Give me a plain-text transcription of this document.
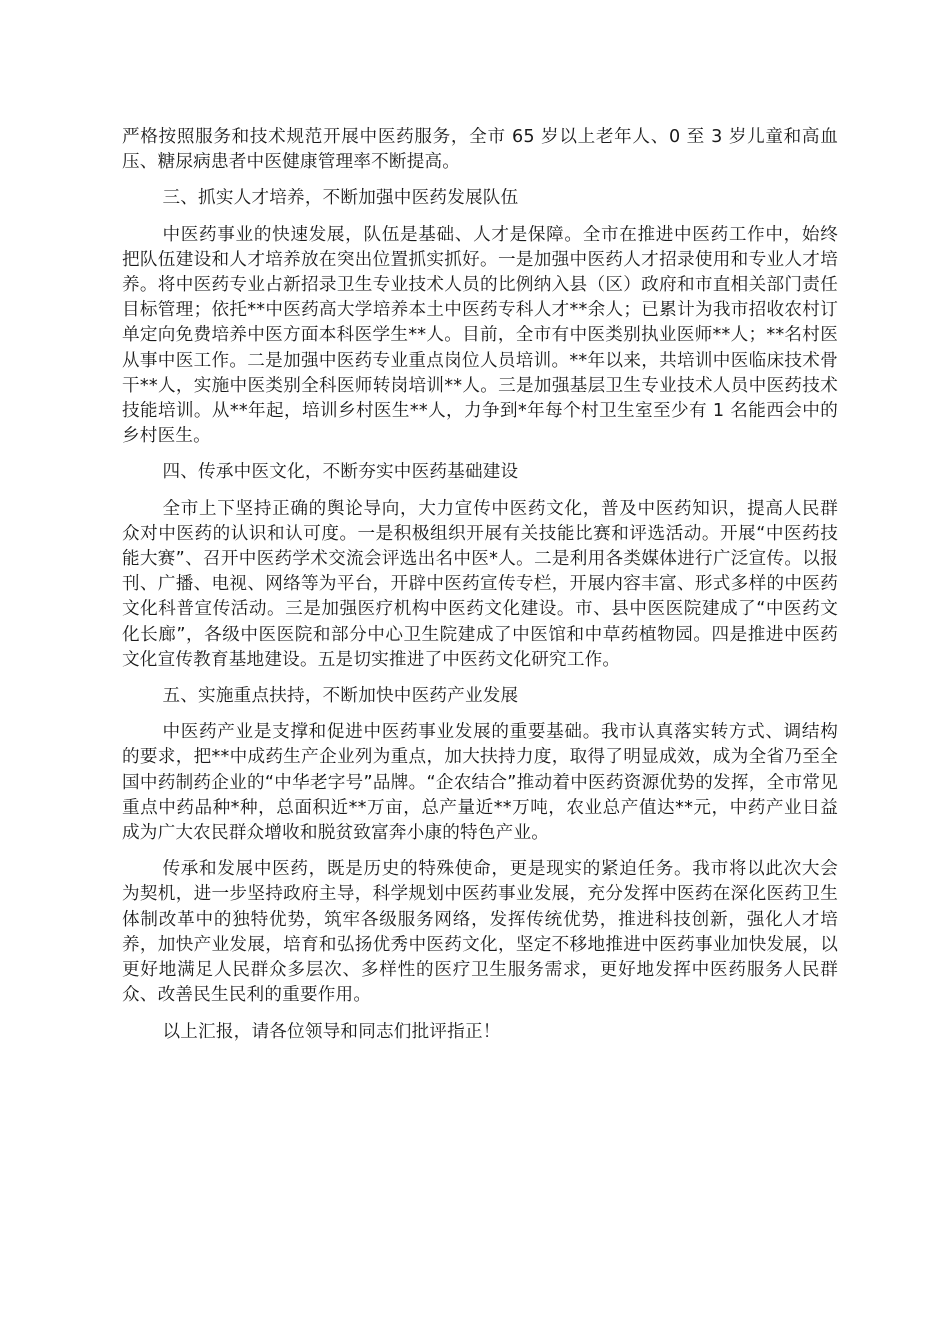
严格按照服务和技术规范开展中医药服务，全市 65 岁以上老年人、0 至 3 岁儿童和高血压、糖尿病患者中医健康管理率不断提高。

三、抓实人才培养，不断加强中医药发展队伍

中医药事业的快速发展，队伍是基础、人才是保障。全市在推进中医药工作中，始终把队伍建设和人才培养放在突出位置抓实抓好。一是加强中医药人才招录使用和专业人才培养。将中医药专业占新招录卫生专业技术人员的比例纳入县（区）政府和市直相关部门责任目标管理；依托**中医药高大学培养本土中医药专科人才**余人；已累计为我市招收农村订单定向免费培养中医方面本科医学生**人。目前，全市有中医类别执业医师**人；**名村医从事中医工作。二是加强中医药专业重点岗位人员培训。**年以来，共培训中医临床技术骨干**人，实施中医类别全科医师转岗培训**人。三是加强基层卫生专业技术人员中医药技术技能培训。从**年起，培训乡村医生**人，力争到*年每个村卫生室至少有 1 名能西会中的乡村医生。

四、传承中医文化，不断夯实中医药基础建设

全市上下坚持正确的舆论导向，大力宣传中医药文化，普及中医药知识，提高人民群众对中医药的认识和认可度。一是积极组织开展有关技能比赛和评选活动。开展“中医药技能大赛”、召开中医药学术交流会评选出名中医*人。二是利用各类媒体进行广泛宣传。以报刊、广播、电视、网络等为平台，开辟中医药宣传专栏，开展内容丰富、形式多样的中医药文化科普宣传活动。三是加强医疗机构中医药文化建设。市、县中医医院建成了“中医药文化长廊”，各级中医医院和部分中心卫生院建成了中医馆和中草药植物园。四是推进中医药文化宣传教育基地建设。五是切实推进了中医药文化研究工作。

五、实施重点扶持，不断加快中医药产业发展

中医药产业是支撑和促进中医药事业发展的重要基础。我市认真落实转方式、调结构的要求，把**中成药生产企业列为重点，加大扶持力度，取得了明显成效，成为全省乃至全国中药制药企业的“中华老字号”品牌。“企农结合”推动着中医药资源优势的发挥，全市常见重点中药品种*种，总面积近**万亩，总产量近**万吨，农业总产值达**元，中药产业日益成为广大农民群众增收和脱贫致富奔小康的特色产业。

传承和发展中医药，既是历史的特殊使命，更是现实的紧迫任务。我市将以此次大会为契机，进一步坚持政府主导，科学规划中医药事业发展，充分发挥中医药在深化医药卫生体制改革中的独特优势，筑牢各级服务网络，发挥传统优势，推进科技创新，强化人才培养，加快产业发展，培育和弘扬优秀中医药文化，坚定不移地推进中医药事业加快发展，以更好地满足人民群众多层次、多样性的医疗卫生服务需求，更好地发挥中医药服务人民群众、改善民生民利的重要作用。

以上汇报，请各位领导和同志们批评指正！
